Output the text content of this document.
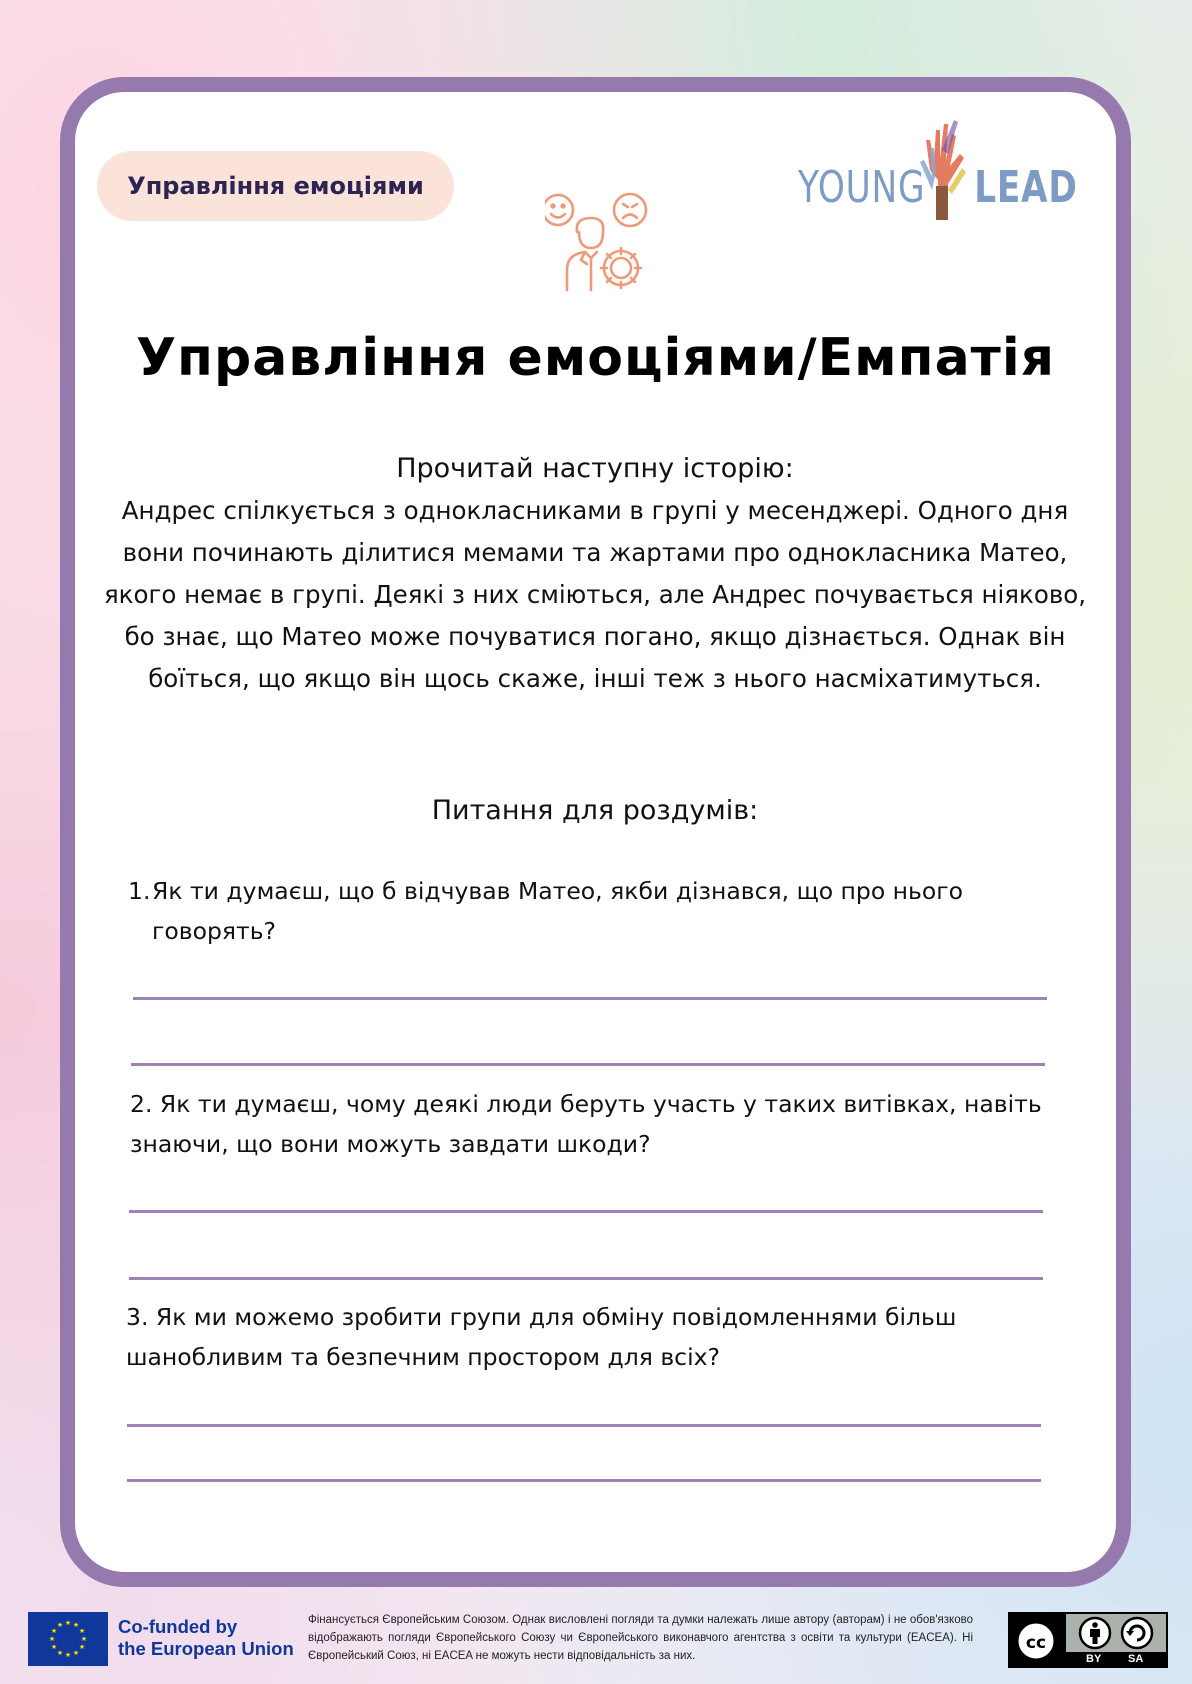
Управління емоціями	YOUNG LEAD
Управління емоціями/Емпатія
Прочитай наступну історію:
Андрес спілкується з однокласниками в групі у месенджері. Одного дня вони починають ділитися мемами та жартами про однокласника Матео, якого немає в групі. Деякі з них сміються, але Андрес почувається ніяково, бо знає, що Матео може почуватися погано, якщо дізнається. Однак він боїться, що якщо він щось скаже, інші теж з нього насміхатимуться.
Питання для роздумів:
1. Як ти думаєш, що б відчував Матео, якби дізнався, що про нього говорять?
2. Як ти думаєш, чому деякі люди беруть участь у таких витівках, навіть знаючи, що вони можуть завдати шкоди?
3. Як ми можемо зробити групи для обміну повідомленнями більш шанобливим та безпечним простором для всіх?
★ ★
★
★
★
★
★
★
★
★
★
★	Co-funded by
the European Union
Фінансується Європейським Союзом. Однак висловлені погляди та думки належать лише автору (авторам) і не обов'язково відображають погляди Європейського Союзу чи Європейського виконавчого агентства з освіти та культури (EACEA). Ні Європейський Союз, ні EACEA не можуть нести відповідальність за них.
cc
BY SA
